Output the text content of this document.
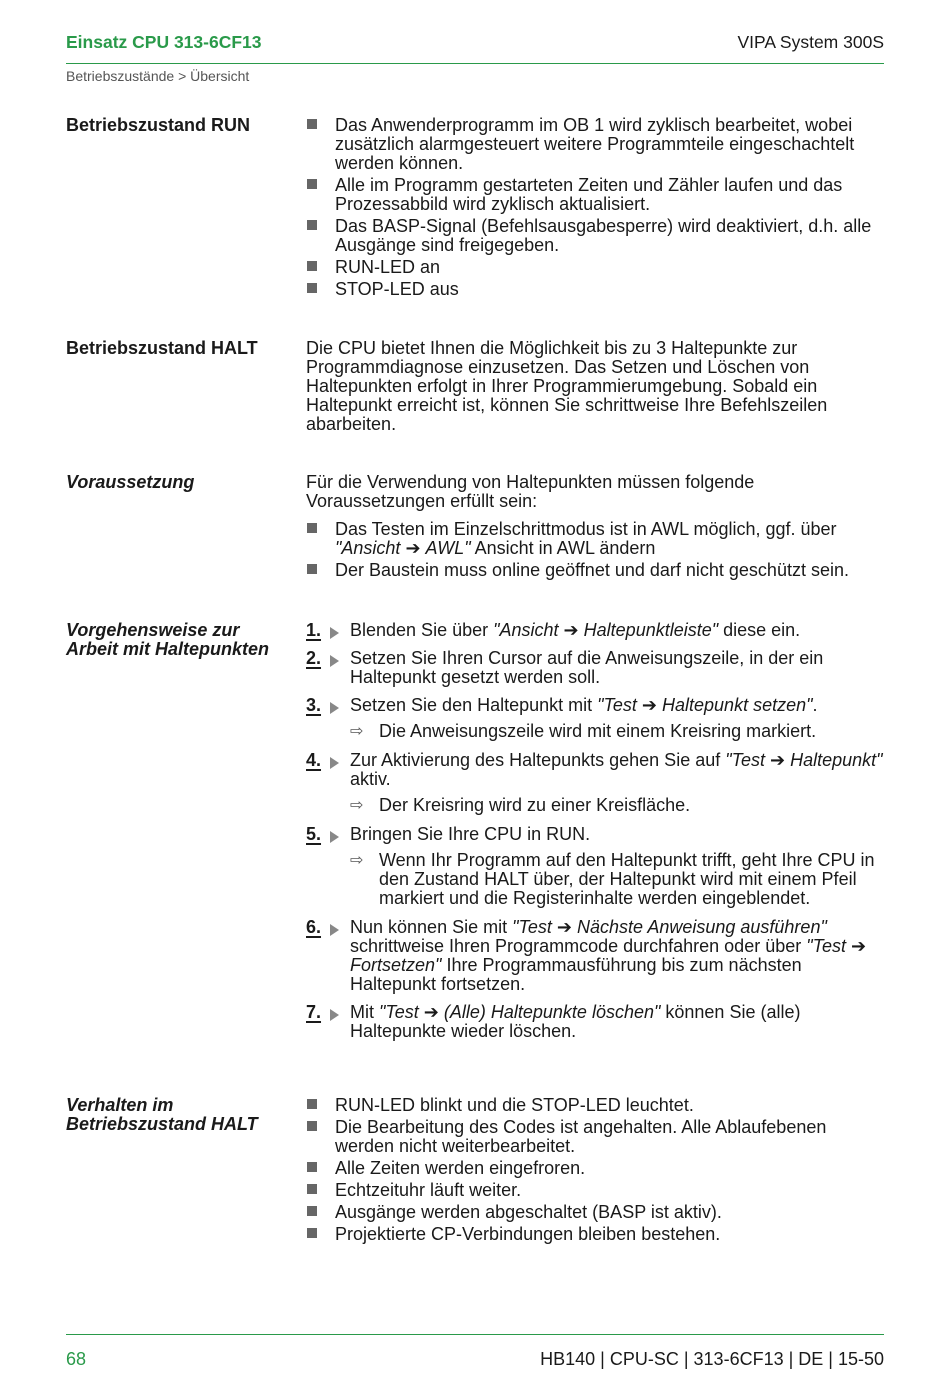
Einsatz CPU 313-6CF13	VIPA System 300S
Betriebszustände > Übersicht
Betriebszustand RUN	Das Anwenderprogramm im OB 1 wird zyklisch bearbeitet, wobei zusätzlich alarmgesteuert weitere Programmteile eingeschachtelt werden können.
Alle im Programm gestarteten Zeiten und Zähler laufen und das Prozessabbild wird zyklisch aktualisiert.
Das BASP-Signal (Befehlsausgabesperre) wird deaktiviert, d.h. alle Ausgänge sind freigegeben.
RUN-LED an
STOP-LED aus
Betriebszustand HALT	Die CPU bietet Ihnen die Möglichkeit bis zu 3 Haltepunkte zur Programmdiagnose einzusetzen. Das Setzen und Löschen von Haltepunkten erfolgt in Ihrer Programmierumgebung. Sobald ein Haltepunkt erreicht ist, können Sie schrittweise Ihre Befehlszeilen abarbeiten.

Voraussetzung	Für die Verwendung von Haltepunkten müssen folgende Voraussetzungen erfüllt sein:

Das Testen im Einzelschrittmodus ist in AWL möglich, ggf. über "Ansicht ➔ AWL" Ansicht in AWL ändern
Der Baustein muss online geöffnet und darf nicht geschützt sein.
Vorgehensweise zur Arbeit mit Haltepunkten
1.	Blenden Sie über "Ansicht ➔ Haltepunktleiste" diese ein.
2.	Setzen Sie Ihren Cursor auf die Anweisungszeile, in der ein Haltepunkt gesetzt werden soll.
3.	Setzen Sie den Haltepunkt mit "Test ➔ Haltepunkt setzen".
⇨ Die Anweisungszeile wird mit einem Kreisring markiert.
4.	Zur Aktivierung des Haltepunkts gehen Sie auf "Test ➔ Haltepunkt" aktiv.
⇨ Der Kreisring wird zu einer Kreisfläche.
5.	Bringen Sie Ihre CPU in RUN.
⇨ Wenn Ihr Programm auf den Haltepunkt trifft, geht Ihre CPU in den Zustand HALT über, der Haltepunkt wird mit einem Pfeil markiert und die Registerinhalte werden eingeblendet.
6.	Nun können Sie mit "Test ➔ Nächste Anweisung ausführen" schrittweise Ihren Programmcode durchfahren oder über "Test ➔ Fortsetzen" Ihre Programmausführung bis zum nächsten Haltepunkt fortsetzen.
7.	Mit "Test ➔ (Alle) Haltepunkte löschen" können Sie (alle) Haltepunkte wieder löschen.
Verhalten im Betriebszustand HALT
RUN-LED blinkt und die STOP-LED leuchtet.
Die Bearbeitung des Codes ist angehalten. Alle Ablaufebenen werden nicht weiterbearbeitet.
Alle Zeiten werden eingefroren.
Echtzeituhr läuft weiter.
Ausgänge werden abgeschaltet (BASP ist aktiv).
Projektierte CP-Verbindungen bleiben bestehen.
68	HB140 | CPU-SC | 313-6CF13 | DE | 15-50
